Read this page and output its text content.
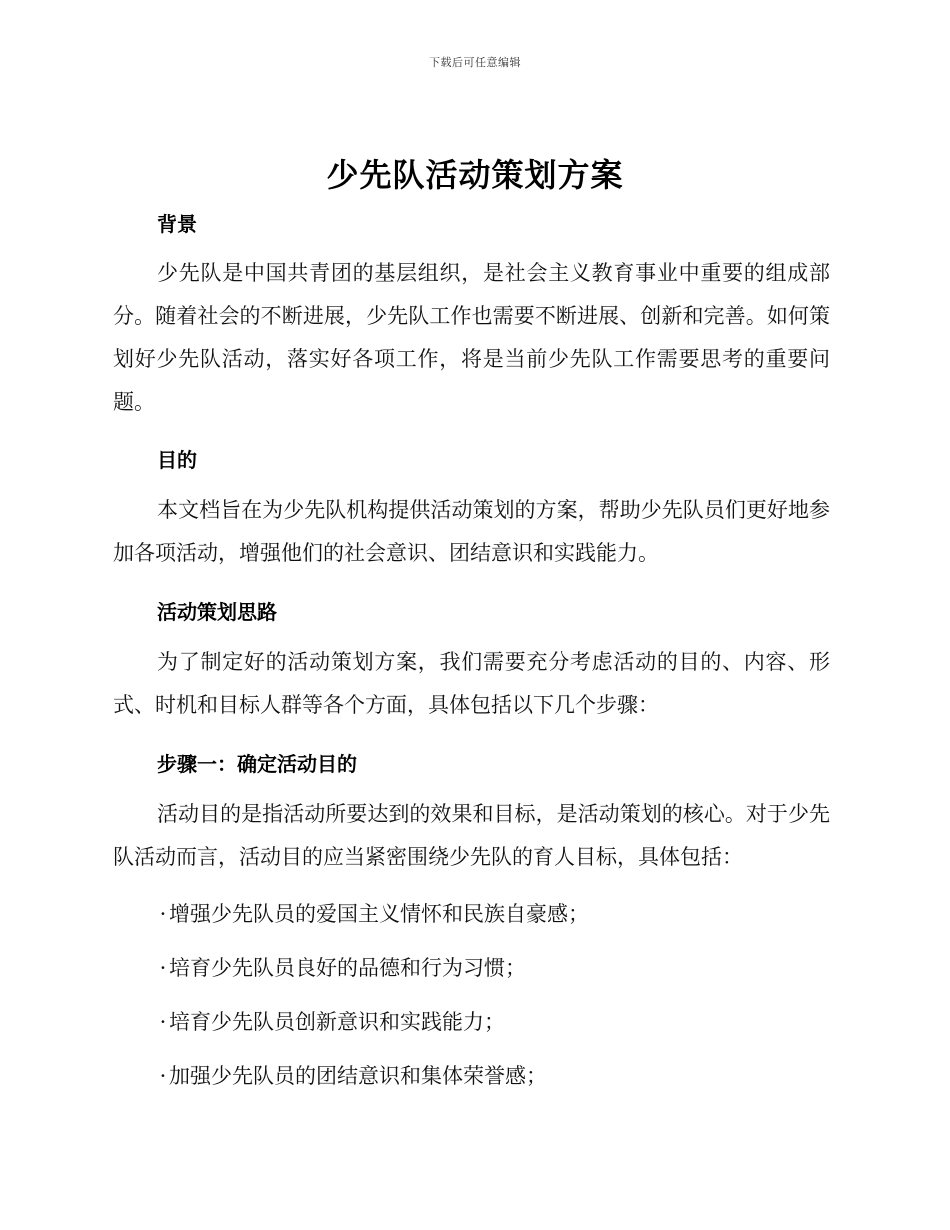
下载后可任意编辑
少先队活动策划方案
背景

少先队是中国共青团的基层组织，是社会主义教育事业中重要的组成部分。随着社会的不断进展，少先队工作也需要不断进展、创新和完善。如何策划好少先队活动，落实好各项工作，将是当前少先队工作需要思考的重要问题。

目的

本文档旨在为少先队机构提供活动策划的方案，帮助少先队员们更好地参加各项活动，增强他们的社会意识、团结意识和实践能力。

活动策划思路

为了制定好的活动策划方案，我们需要充分考虑活动的目的、内容、形式、时机和目标人群等各个方面，具体包括以下几个步骤：

步骤一：确定活动目的

活动目的是指活动所要达到的效果和目标，是活动策划的核心。对于少先队活动而言，活动目的应当紧密围绕少先队的育人目标，具体包括：

· 增强少先队员的爱国主义情怀和民族自豪感；
· 培育少先队员良好的品德和行为习惯；
· 培育少先队员创新意识和实践能力；
· 加强少先队员的团结意识和集体荣誉感；
